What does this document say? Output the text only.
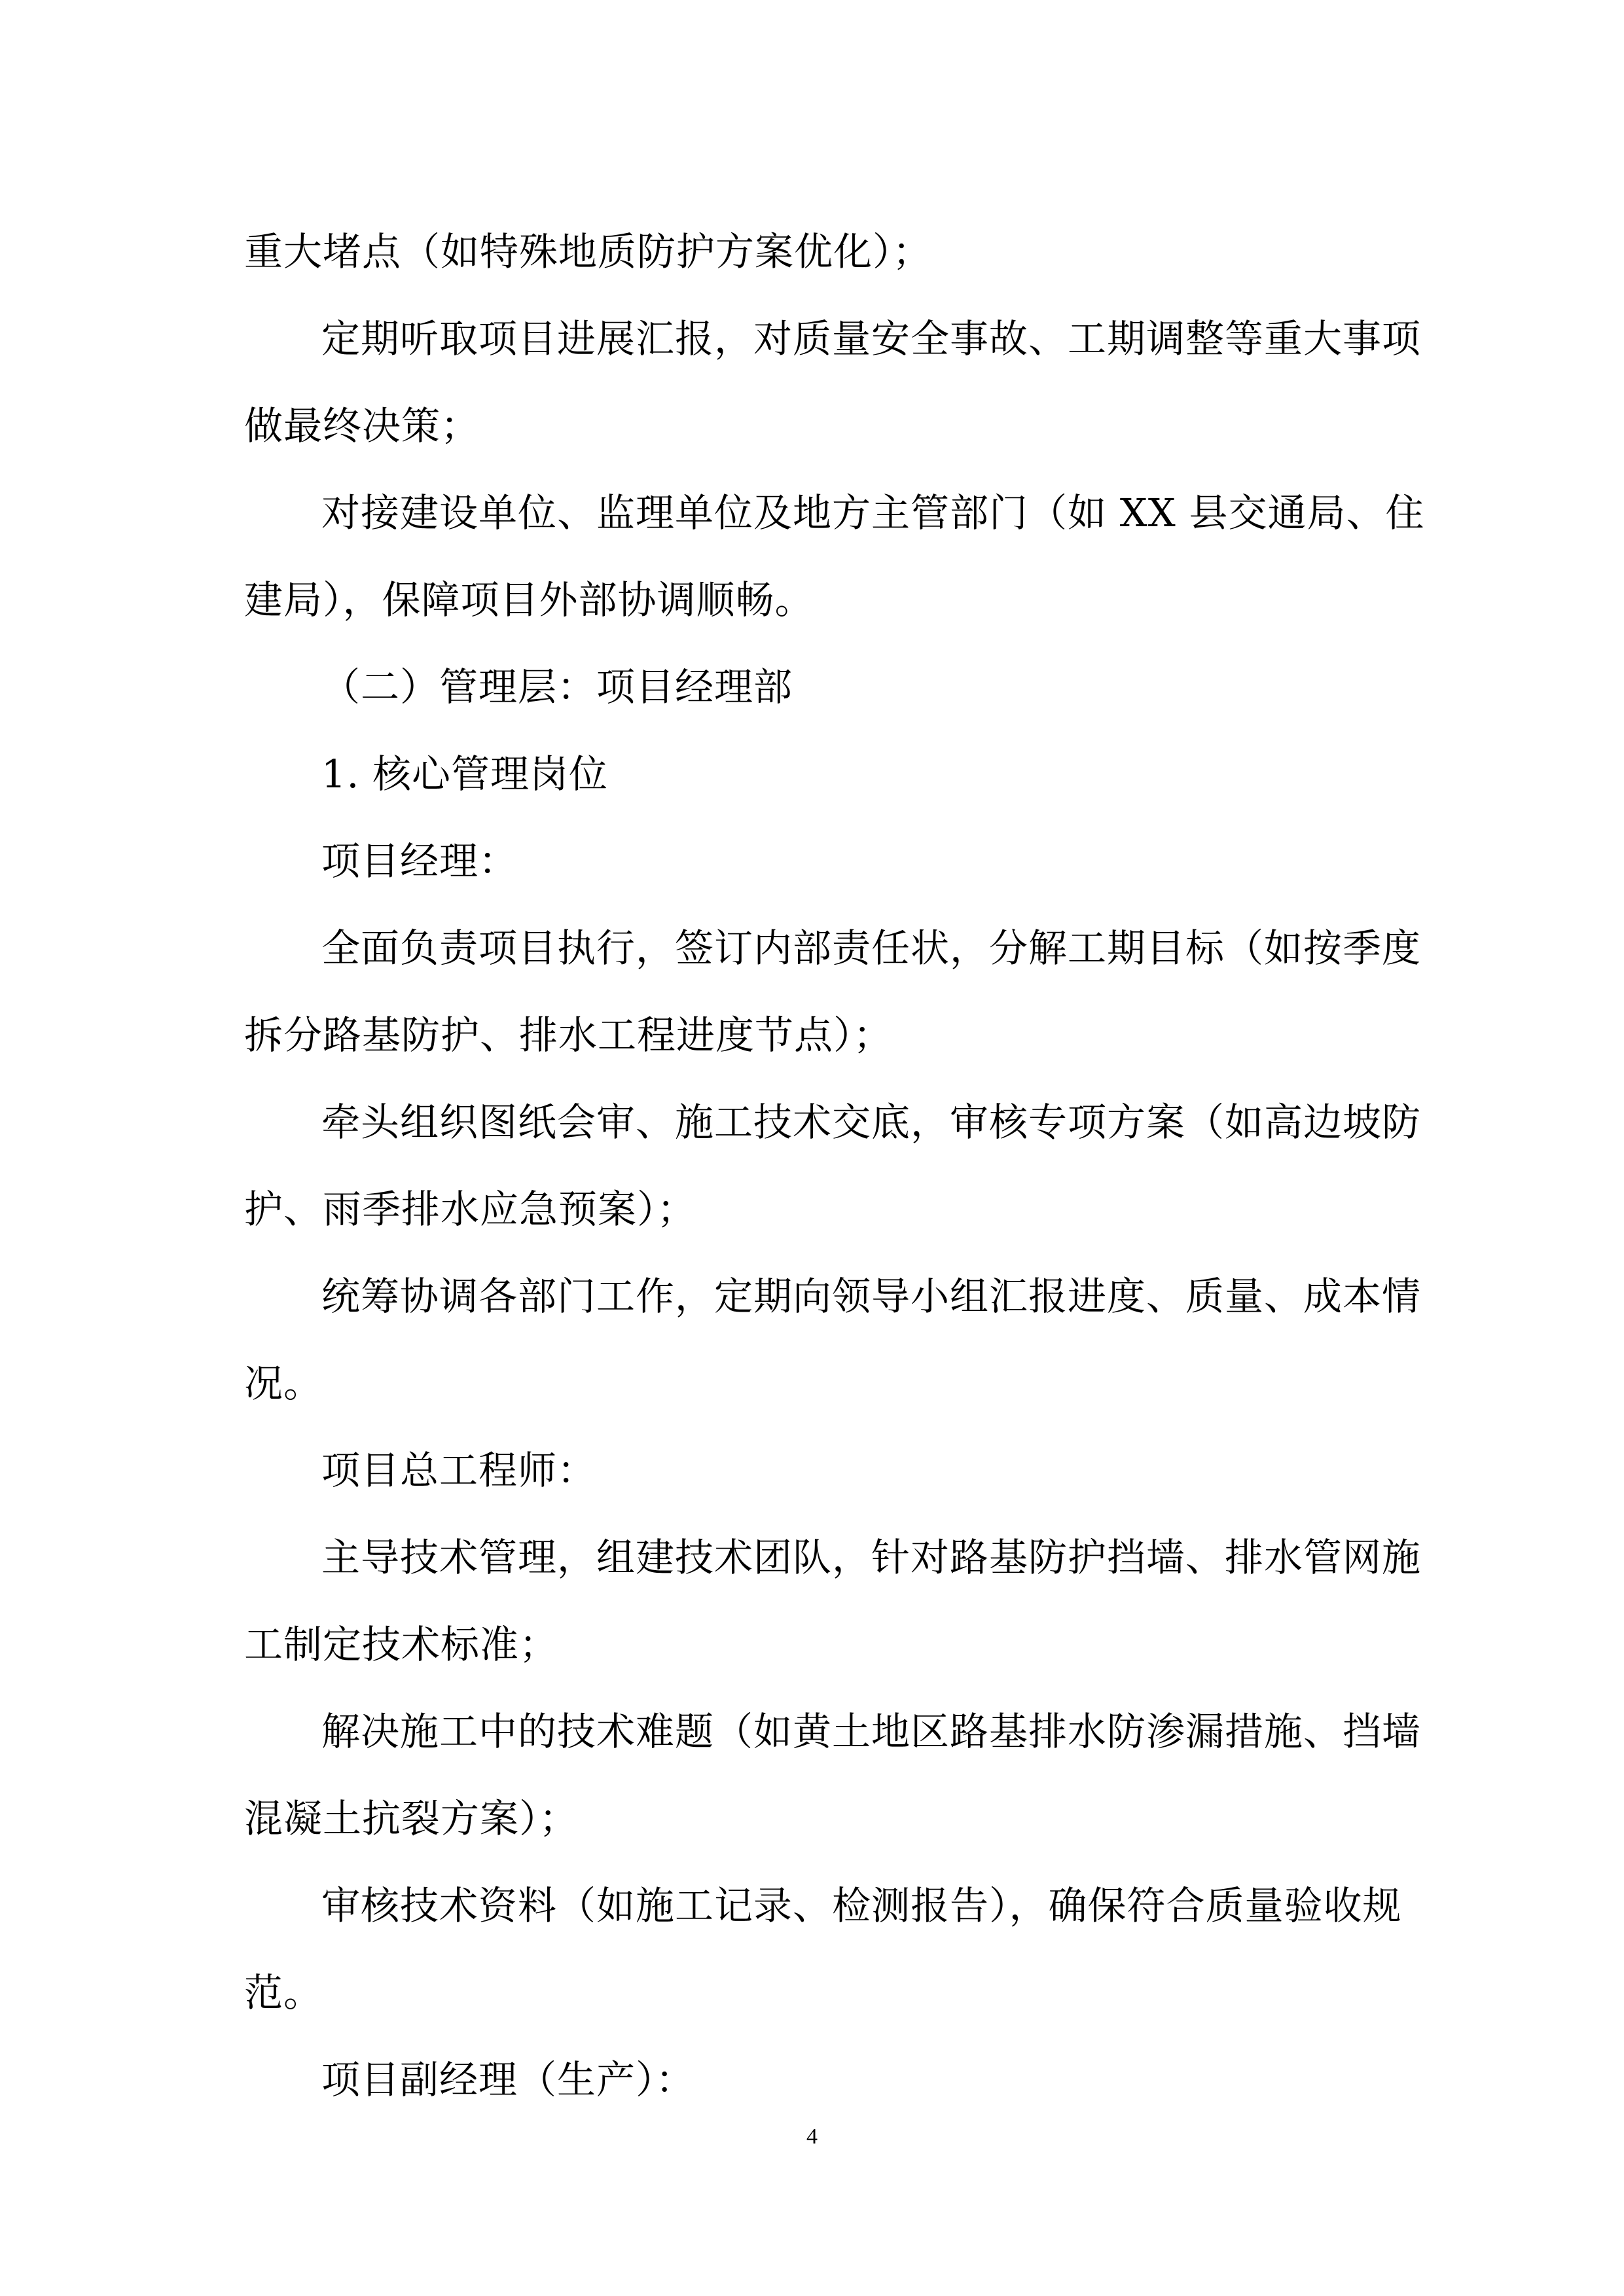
重大堵点（如特殊地质防护方案优化）；
定期听取项目进展汇报，对质量安全事故、工期调整等重大事项
做最终决策；
对接建设单位、监理单位及地方主管部门（如 XX 县交通局、住
建局），保障项目外部协调顺畅。
（二）管理层：项目经理部
1. 核心管理岗位
项目经理：
全面负责项目执行，签订内部责任状，分解工期目标（如按季度
拆分路基防护、排水工程进度节点）；
牵头组织图纸会审、施工技术交底，审核专项方案（如高边坡防
护、雨季排水应急预案）；
统筹协调各部门工作，定期向领导小组汇报进度、质量、成本情
况。
项目总工程师：
主导技术管理，组建技术团队，针对路基防护挡墙、排水管网施
工制定技术标准；
解决施工中的技术难题（如黄土地区路基排水防渗漏措施、挡墙
混凝土抗裂方案）；
审核技术资料（如施工记录、检测报告），确保符合质量验收规
范。
项目副经理（生产）：
4
